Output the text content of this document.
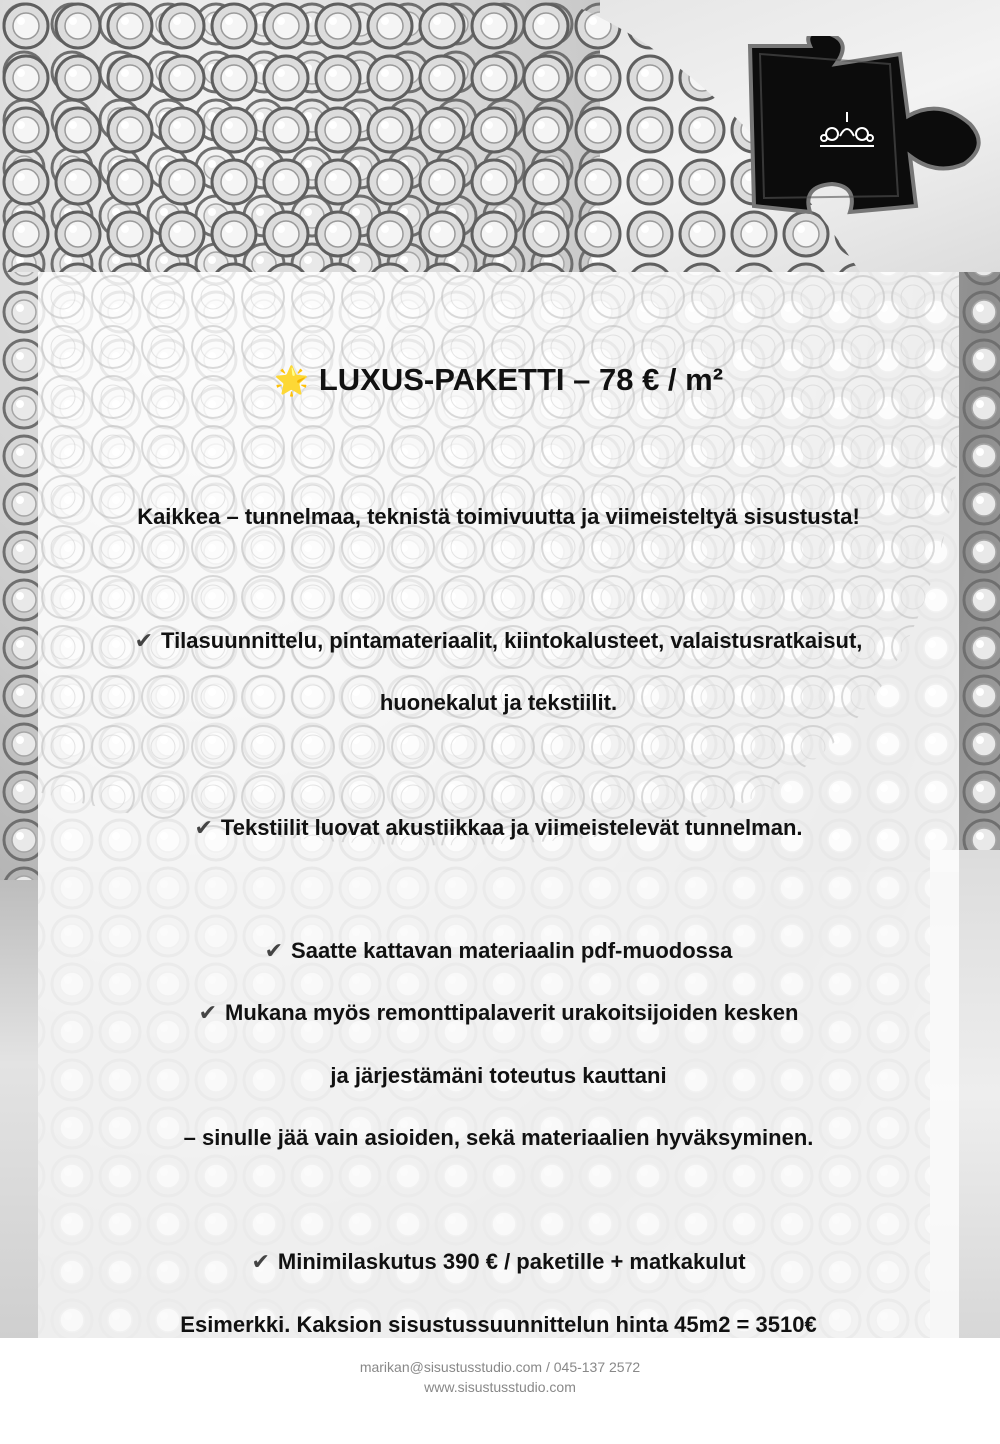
🌟 LUXUS-PAKETTI – 78 € / m²
Kaikkea – tunnelmaa, teknistä toimivuutta ja viimeisteltyä sisustusta!
✔ Tilasuunnittelu, pintamateriaalit, kiintokalusteet, valaistusratkaisut,
huonekalut ja tekstiilit.
✔ Tekstiilit luovat akustiikkaa ja viimeistelevät tunnelman.
✔ Saatte kattavan materiaalin pdf-muodossa
✔ Mukana myös remonttipalaverit urakoitsijoiden kesken
ja järjestämäni toteutus kauttani
– sinulle jää vain asioiden, sekä materiaalien hyväksyminen.
✔ Minimilaskutus 390 € / paketille + matkakulut
Esimerkki. Kaksion sisustussuunnittelun hinta 45m2 = 3510€
marikan@sisustusstudio.com / 045-137 2572
www.sisustusstudio.com
